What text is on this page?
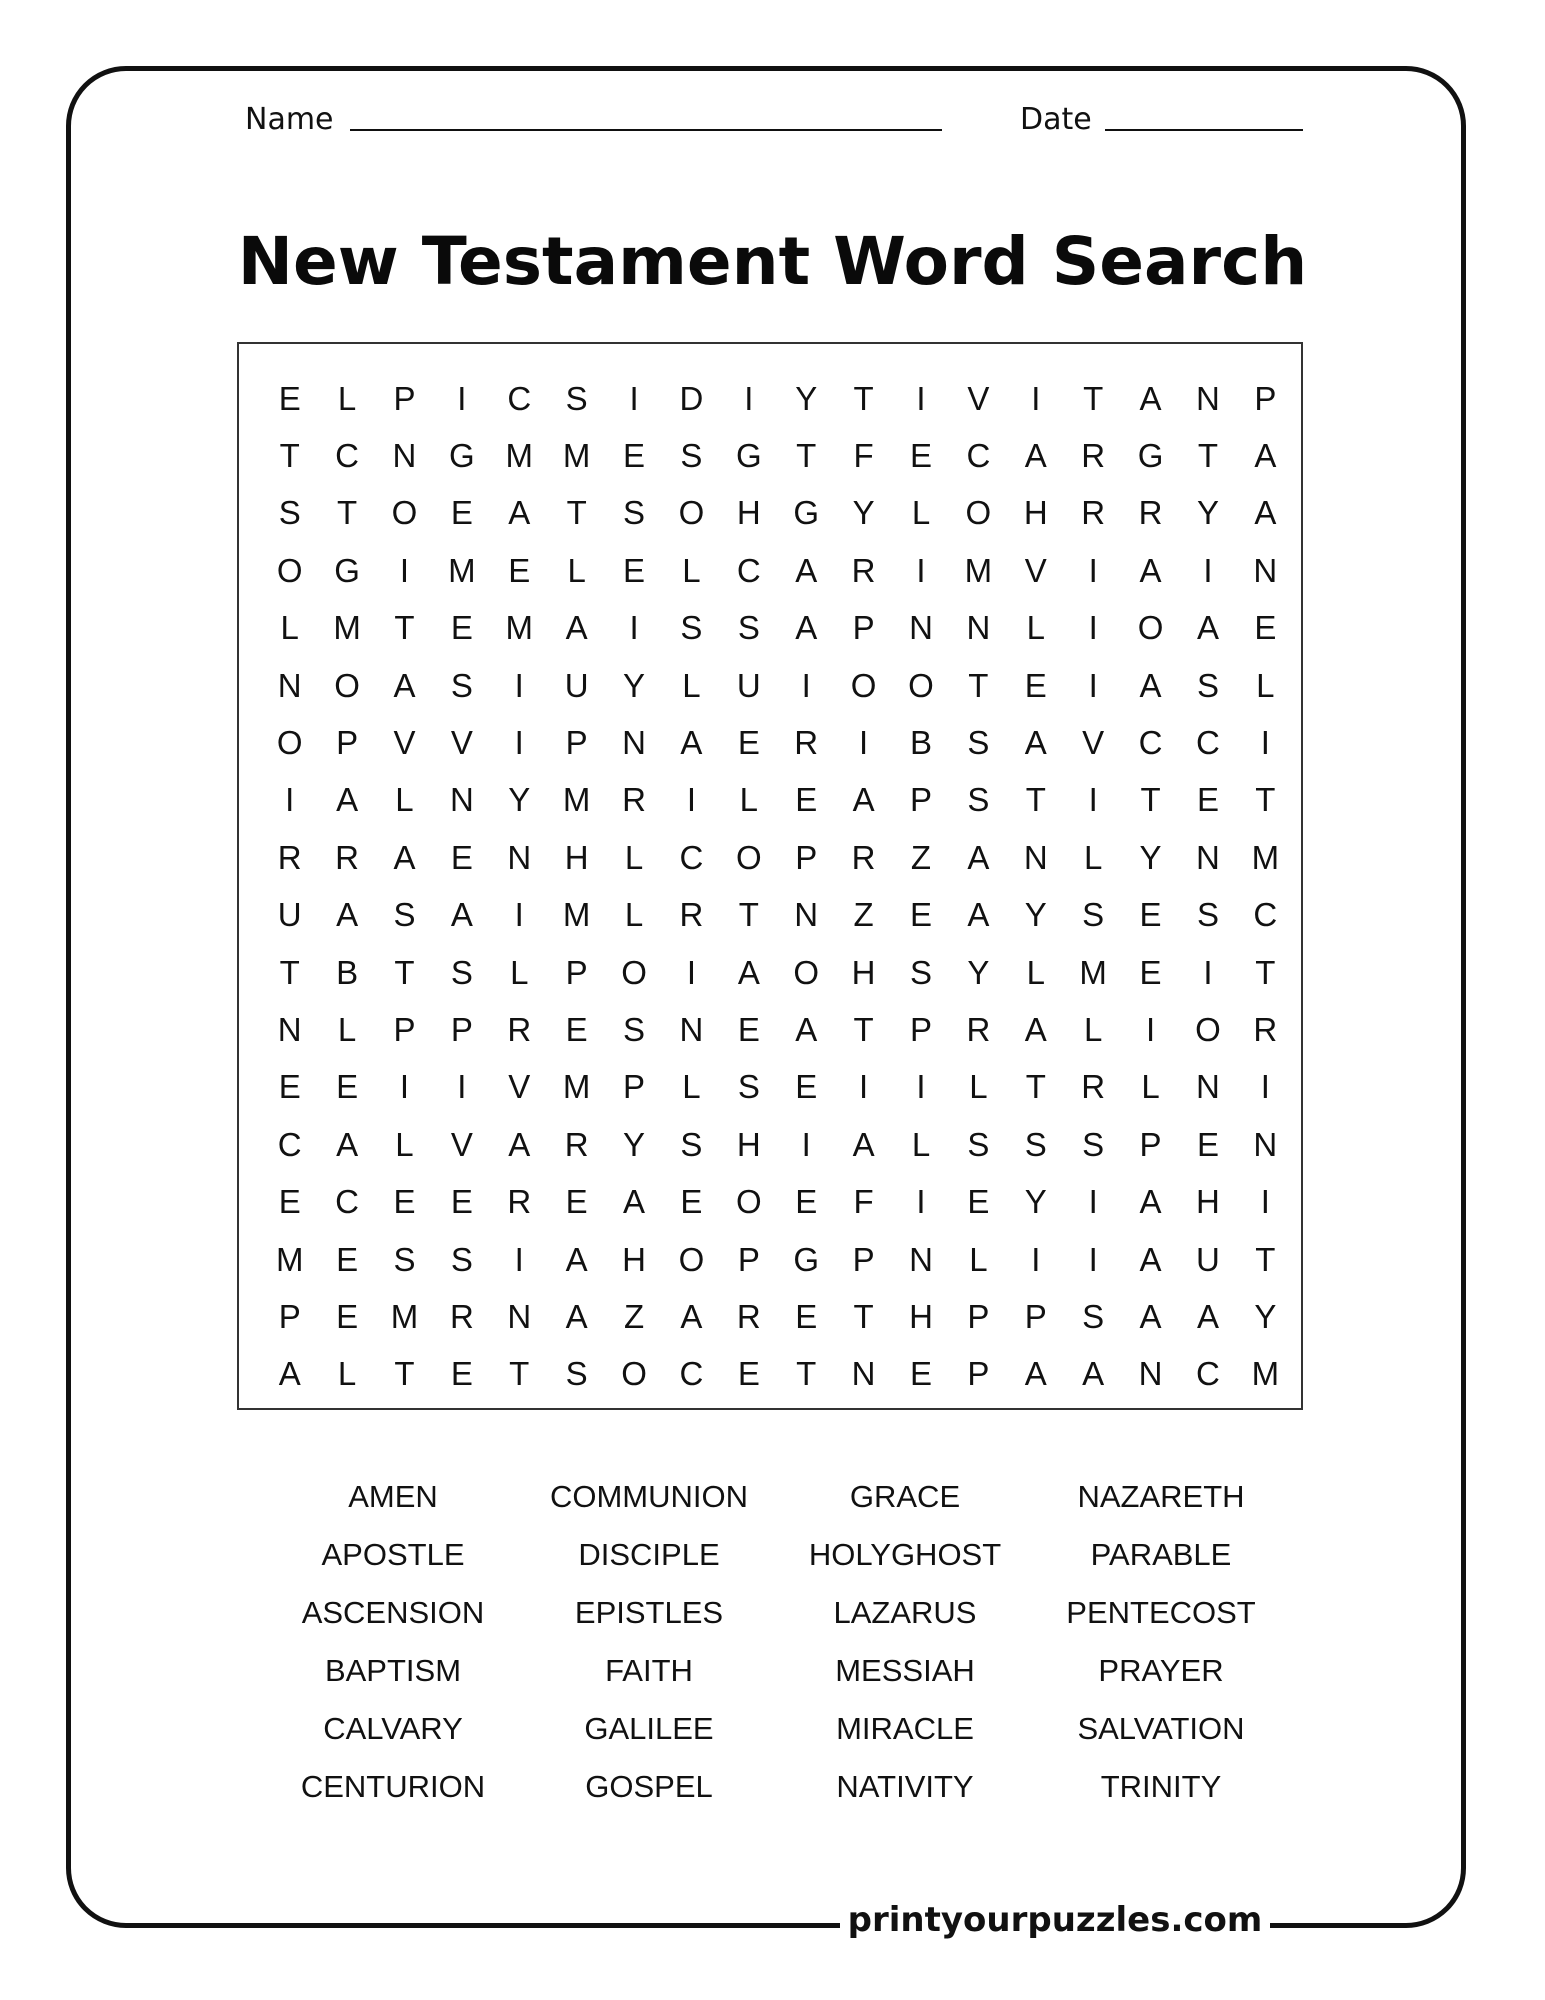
printyourpuzzles.com
Name	Date
New Testament Word Search
E	L	P	I	C	S	I	D	I	Y	T	I	V	I	T	A	N	P
T	C	N G M M E	S	G	T	F	E	C	A	R G	T	A
S	T	O	E	A	T	S	O H G	Y	L	O H	R	R	Y	A
O G	I	M E	L	E	L	C	A	R	I	M V	I	A	I	N
L	M	T	E M A	I	S	S	A	P	N	N	L	I	O	A	E
N O	A	S	I	U	Y	L	U	I	O O	T	E	I	A	S	L
O	P	V	V	I	P	N	A	E	R	I	B	S	A	V	C	C	I
I	A	L	N	Y M R	I	L	E	A	P	S	T	I	T	E	T
R	R	A	E	N	H	L	C O	P	R	Z	A	N	L	Y	N M
U	A	S	A	I	M	L	R	T	N	Z	E	A	Y	S	E	S	C
T	B	T	S	L	P	O	I	A	O H	S	Y	L	M E	I	T
N	L	P	P	R	E	S	N	E	A	T	P	R	A	L	I	O R
E	E	I	I	V M P	L	S	E	I	I	L	T	R	L	N	I
C	A	L	V	A	R	Y	S	H	I	A	L	S	S	S	P	E	N
E	C	E	E	R	E	A	E	O	E	F	I	E	Y	I	A	H	I
M E	S	S	I	A	H O	P	G	P	N	L	I	I	A	U	T
P	E M R	N	A	Z	A	R	E	T	H	P	P	S	A	A	Y
A	L	T	E	T	S	O C	E	T	N	E	P	A	A	N	C M
AMEN	COMMUNION	GRACE	NAZARETH
APOSTLE	DISCIPLE	HOLYGHOST	PARABLE
ASCENSION	EPISTLES	LAZARUS	PENTECOST
BAPTISM	FAITH	MESSIAH	PRAYER
CALVARY	GALILEE	MIRACLE	SALVATION
CENTURION	GOSPEL	NATIVITY	TRINITY
